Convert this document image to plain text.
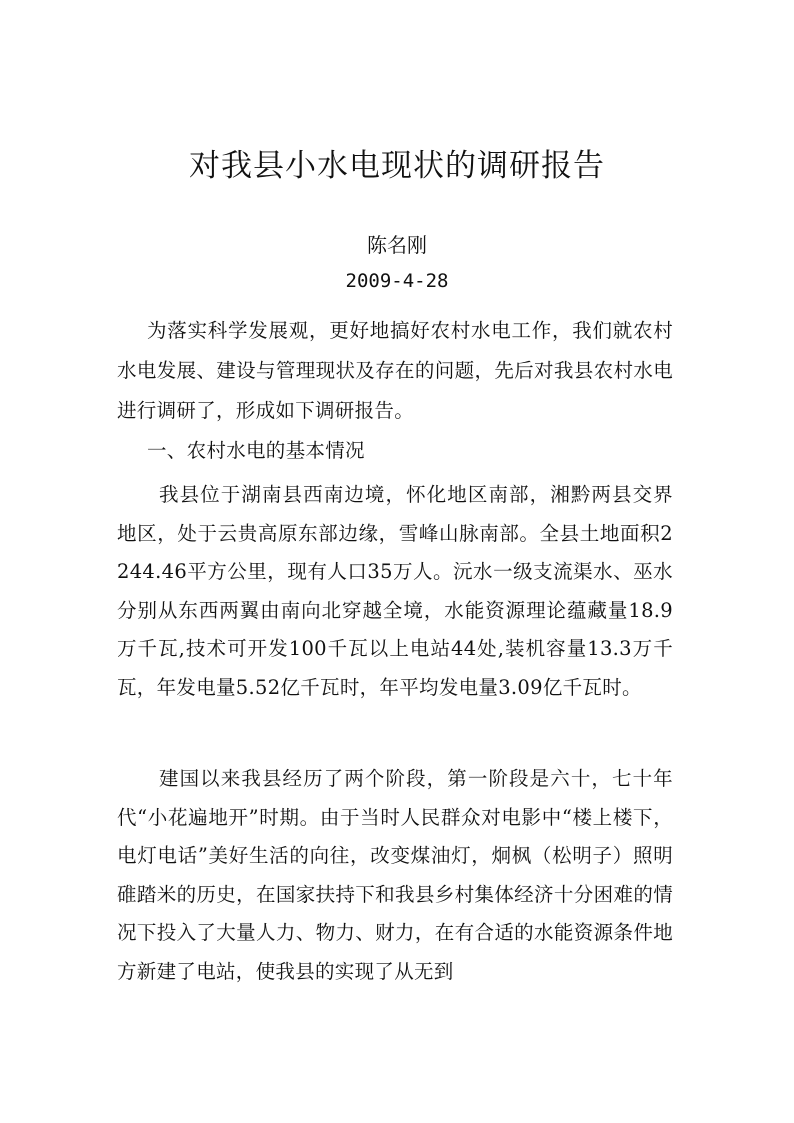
对我县小水电现状的调研报告
陈名刚
2009-4-28
为落实科学发展观，更好地搞好农村水电工作，我们就农村水电发展、建设与管理现状及存在的问题，先后对我县农村水电进行调研了，形成如下调研报告。
一、农村水电的基本情况
我县位于湖南县西南边境，怀化地区南部，湘黔两县交界地区，处于云贵高原东部边缘，雪峰山脉南部。全县土地面积2244.46平方公里，现有人口35万人。沅水一级支流渠水、巫水分别从东西两翼由南向北穿越全境，水能资源理论蕴藏量18.9万千瓦,技术可开发100千瓦以上电站44处,装机容量13.3万千瓦，年发电量5.52亿千瓦时，年平均发电量3.09亿千瓦时。
建国以来我县经历了两个阶段，第一阶段是六十，七十年代“小花遍地开”时期。由于当时人民群众对电影中“楼上楼下，电灯电话”美好生活的向往，改变煤油灯，炯枫（松明子）照明碓踏米的历史，在国家扶持下和我县乡村集体经济十分困难的情况下投入了大量人力、物力、财力，在有合适的水能资源条件地方新建了电站，使我县的实现了从无到
